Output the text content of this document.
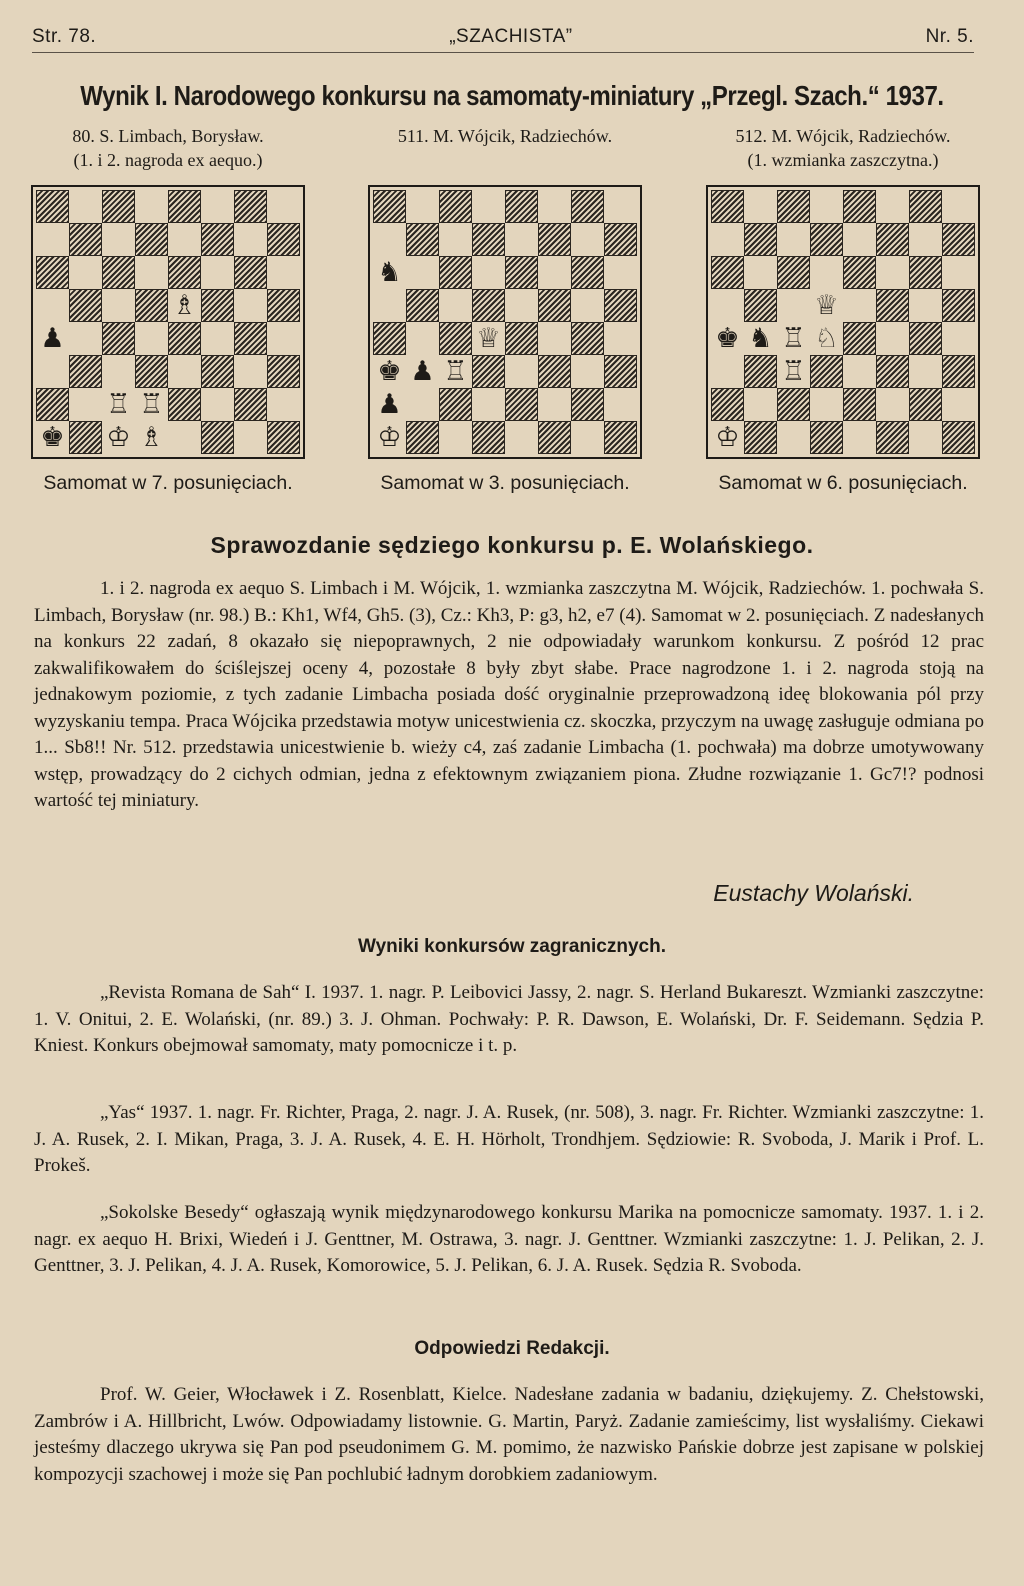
Str. 78.	„SZACHISTA”	Nr. 5.
Wynik I. Narodowego konkursu na samomaty-miniatury „Przegl. Szach.“ 1937.
80. S. Limbach, Borysław.
(1. i 2. nagroda ex aequo.)
♗
♟
♖ ♖
♚ ♔ ♗
Samomat w 7. posunięciach.
511. M. Wójcik, Radziechów.
♞
♕
♚ ♟ ♖
♟
♔
Samomat w 3. posunięciach.
512. M. Wójcik, Radziechów.
(1. wzmianka zaszczytna.)
♕
♚ ♞ ♖ ♘
♖
♔
Samomat w 6. posunięciach.
Sprawozdanie sędziego konkursu p. E. Wolańskiego.
1. i 2. nagroda ex aequo S. Limbach i M. Wójcik, 1. wzmianka zaszczytna M. Wójcik, Radziechów. 1. pochwała S. Limbach, Borysław (nr. 98.) B.: Kh1, Wf4, Gh5. (3), Cz.: Kh3, P: g3, h2, e7 (4). Samomat w 2. posunięciach. Z nadesłanych na konkurs 22 zadań, 8 okazało się niepoprawnych, 2 nie odpowiadały warunkom konkursu. Z pośród 12 prac zakwalifikowałem do ściślejszej oceny 4, pozostałe 8 były zbyt słabe. Prace nagrodzone 1. i 2. nagroda stoją na jednakowym poziomie, z tych zadanie Limbacha posiada dość oryginalnie przeprowadzoną ideę blokowania pól przy wyzyskaniu tempa. Praca Wójcika przedstawia motyw unicestwienia cz. skoczka, przyczym na uwagę zasługuje odmiana po 1... Sb8!! Nr. 512. przedstawia unicestwienie b. wieży c4, zaś zadanie Limbacha (1. pochwała) ma dobrze umotywowany wstęp, prowadzący do 2 cichych odmian, jedna z efektownym związaniem piona. Złudne rozwiązanie 1. Gc7!? podnosi wartość tej miniatury.
Eustachy Wolański.
Wyniki konkursów zagranicznych.
„Revista Romana de Sah“ I. 1937. 1. nagr. P. Leibovici Jassy, 2. nagr. S. Herland Bukareszt. Wzmianki zaszczytne: 1. V. Onitui, 2. E. Wolański, (nr. 89.) 3. J. Ohman. Pochwały: P. R. Dawson, E. Wolański, Dr. F. Seidemann. Sędzia P. Kniest. Konkurs obejmował samomaty, maty pomocnicze i t. p.
„Yas“ 1937. 1. nagr. Fr. Richter, Praga, 2. nagr. J. A. Rusek, (nr. 508), 3. nagr. Fr. Richter. Wzmianki zaszczytne: 1. J. A. Rusek, 2. I. Mikan, Praga, 3. J. A. Rusek, 4. E. H. Hörholt, Trondhjem. Sędziowie: R. Svoboda, J. Marik i Prof. L. Prokeš.
„Sokolske Besedy“ ogłaszają wynik międzynarodowego konkursu Marika na pomocnicze samomaty. 1937. 1. i 2. nagr. ex aequo H. Brixi, Wiedeń i J. Genttner, M. Ostrawa, 3. nagr. J. Genttner. Wzmianki zaszczytne: 1. J. Pelikan, 2. J. Genttner, 3. J. Pelikan, 4. J. A. Rusek, Komorowice, 5. J. Pelikan, 6. J. A. Rusek. Sędzia R. Svoboda.
Odpowiedzi Redakcji.
Prof. W. Geier, Włocławek i Z. Rosenblatt, Kielce. Nadesłane zadania w badaniu, dziękujemy. Z. Chełstowski, Zambrów i A. Hillbricht, Lwów. Odpowiadamy listownie. G. Martin, Paryż. Zadanie zamieścimy, list wysłaliśmy. Ciekawi jesteśmy dlaczego ukrywa się Pan pod pseudonimem G. M. pomimo, że nazwisko Pańskie dobrze jest zapisane w polskiej kompozycji szachowej i może się Pan pochlubić ładnym dorobkiem zadaniowym.
